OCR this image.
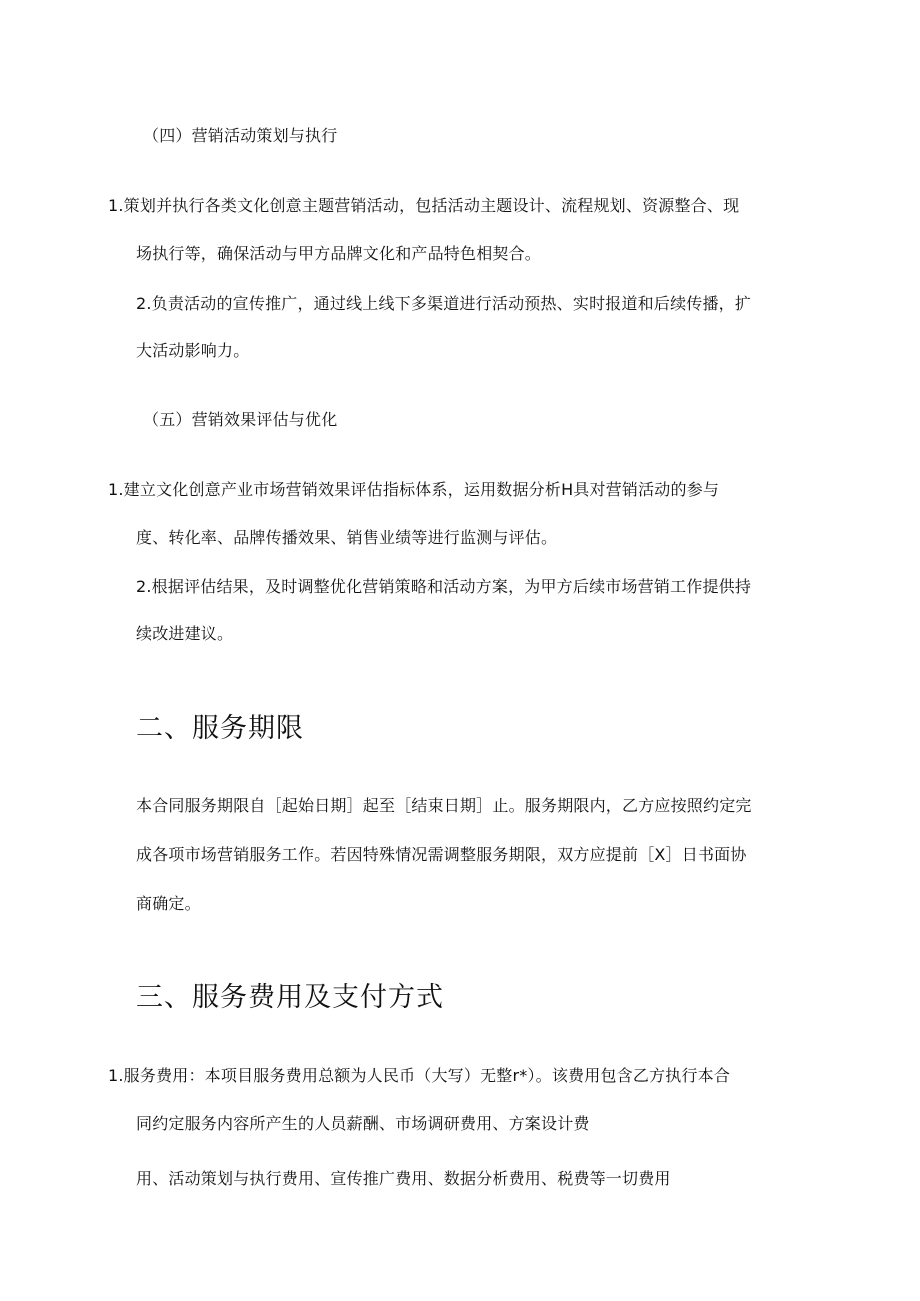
（四）营销活动策划与执行
1.策划并执行各类文化创意主题营销活动，包括活动主题设计、流程规划、资源整合、现
场执行等，确保活动与甲方品牌文化和产品特色相契合。
2.负责活动的宣传推广，通过线上线下多渠道进行活动预热、实时报道和后续传播，扩
大活动影响力。
（五）营销效果评估与优化
1.建立文化创意产业市场营销效果评估指标体系，运用数据分析H具对营销活动的参与
度、转化率、品牌传播效果、销售业绩等进行监测与评估。
2.根据评估结果，及时调整优化营销策略和活动方案，为甲方后续市场营销工作提供持
续改进建议。
二、服务期限
本合同服务期限自［起始日期］起至［结束日期］止。服务期限内，乙方应按照约定完
成各项市场营销服务工作。若因特殊情况需调整服务期限，双方应提前［X］日书面协
商确定。
三、服务费用及支付方式
1.服务费用：本项目服务费用总额为人民币（大写）无整r*）。该费用包含乙方执行本合
同约定服务内容所产生的人员薪酬、市场调研费用、方案设计费
用、活动策划与执行费用、宣传推广费用、数据分析费用、税费等一切费用
